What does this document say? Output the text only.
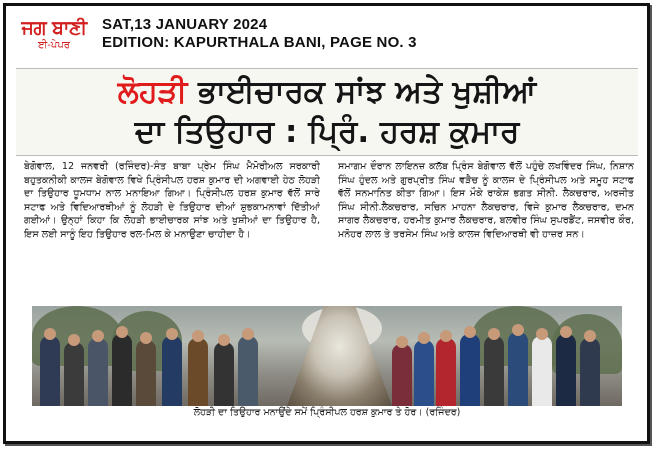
ਜਗ ਬਾਣੀ
ਈ-ਪੇਪਰ
SAT,13 JANUARY 2024
EDITION: KAPURTHALA BANI, PAGE NO. 3
ਲੋਹੜੀ ਭਾਈਚਾਰਕ ਸਾਂਝ ਅਤੇ ਖੁਸ਼ੀਆਂ
ਦਾ ਤਿਉਹਾਰ : ਪ੍ਰਿੰ. ਹਰਸ਼ ਕੁਮਾਰ

ਬੇਗੋਵਾਲ, 12 ਜਨਵਰੀ (ਰਜਿੰਦਰ)-ਸੰਤ ਬਾਬਾ ਪ੍ਰੇਮ ਸਿੰਘ ਮੈਮੋਰੀਅਲ ਸਰਕਾਰੀ ਬਹੁਤਕਨੀਕੀ ਕਾਲਜ ਬੇਗੋਵਾਲ ਵਿਖੇ ਪ੍ਰਿੰਸੀਪਲ ਹਰਸ਼ ਕੁਮਾਰ ਦੀ ਅਗਵਾਈ ਹੇਠ ਲੋਹੜੀ ਦਾ ਤਿਉਹਾਰ ਧੂਮਧਾਮ ਨਾਲ ਮਨਾਇਆ ਗਿਆ। ਪ੍ਰਿੰਸੀਪਲ ਹਰਸ਼ ਕੁਮਾਰ ਵੱਲੋਂ ਸਾਰੇ ਸਟਾਫ ਅਤੇ ਵਿਦਿਆਰਥੀਆਂ ਨੂੰ ਲੋਹੜੀ ਦੇ ਤਿਉਹਾਰ ਦੀਆਂ ਸ਼ੁਭਕਾਮਨਾਵਾਂ ਦਿੱਤੀਆਂ ਗਈਆਂ। ਉਨ੍ਹਾਂ ਕਿਹਾ ਕਿ ਲੋਹੜੀ ਭਾਈਚਾਰਕ ਸਾਂਝ ਅਤੇ ਖੁਸ਼ੀਆਂ ਦਾ ਤਿਉਹਾਰ ਹੈ, ਇਸ ਲਈ ਸਾਨੂੰ ਇਹ ਤਿਉਹਾਰ ਰਲ-ਮਿਲ ਕੇ ਮਨਾਉਣਾ ਚਾਹੀਦਾ ਹੈ।

ਸਮਾਗਮ ਦੌਰਾਨ ਲਾਇਨਜ਼ ਕਲੱਬ ਪ੍ਰਿੰਸ ਬੇਗੋਵਾਲ ਵੱਲੋਂ ਪਹੁੰਚੇ ਲਖਵਿੰਦਰ ਸਿੰਘ, ਨਿਸ਼ਾਨ ਸਿੰਘ ਹੁੰਦਲ ਅਤੇ ਗੁਰਪ੍ਰੀਤ ਸਿੰਘ ਵੜੈਚ ਨੂੰ ਕਾਲਜ ਦੇ ਪ੍ਰਿੰਸੀਪਲ ਅਤੇ ਸਮੂਹ ਸਟਾਫ ਵੱਲੋਂ ਸਨਮਾਨਿਤ ਕੀਤਾ ਗਿਆ। ਇਸ ਮੌਕੇ ਰਾਕੇਸ਼ ਭਗਤ ਸੀਨੀ. ਲੈਕਚਰਾਰ, ਅਰਜੀਤ ਸਿੰਘ ਸੀਨੀ.ਲੈਕਚਰਾਰ, ਸਚਿਨ ਮਾਹਨਾ ਲੈਕਚਰਾਰ, ਵਿਜੇ ਕੁਮਾਰ ਲੈਕਚਰਾਰ, ਦਮਨ ਸਾਗਰ ਲੈਕਚਰਾਰ, ਹਰਮੀਤ ਕੁਮਾਰ ਲੈਕਚਰਾਰ, ਬਲਵੀਰ ਸਿੰਘ ਸੁਪਰਡੈਂਟ, ਜਸਵੀਰ ਕੌਰ, ਮਨੋਹਰ ਲਾਲ ਤੇ ਤਰਸੇਮ ਸਿੰਘ ਅਤੇ ਕਾਲਜ ਵਿਦਿਆਰਥੀ ਵੀ ਹਾਜ਼ਰ ਸਨ।

ਲੋਹੜੀ ਦਾ ਤਿਉਹਾਰ ਮਨਾਉਂਦੇ ਸਮੇਂ ਪ੍ਰਿੰਸੀਪਲ ਹਰਸ਼ ਕੁਮਾਰ ਤੇ ਹੋਰ। (ਰਜਿੰਦਰ)
